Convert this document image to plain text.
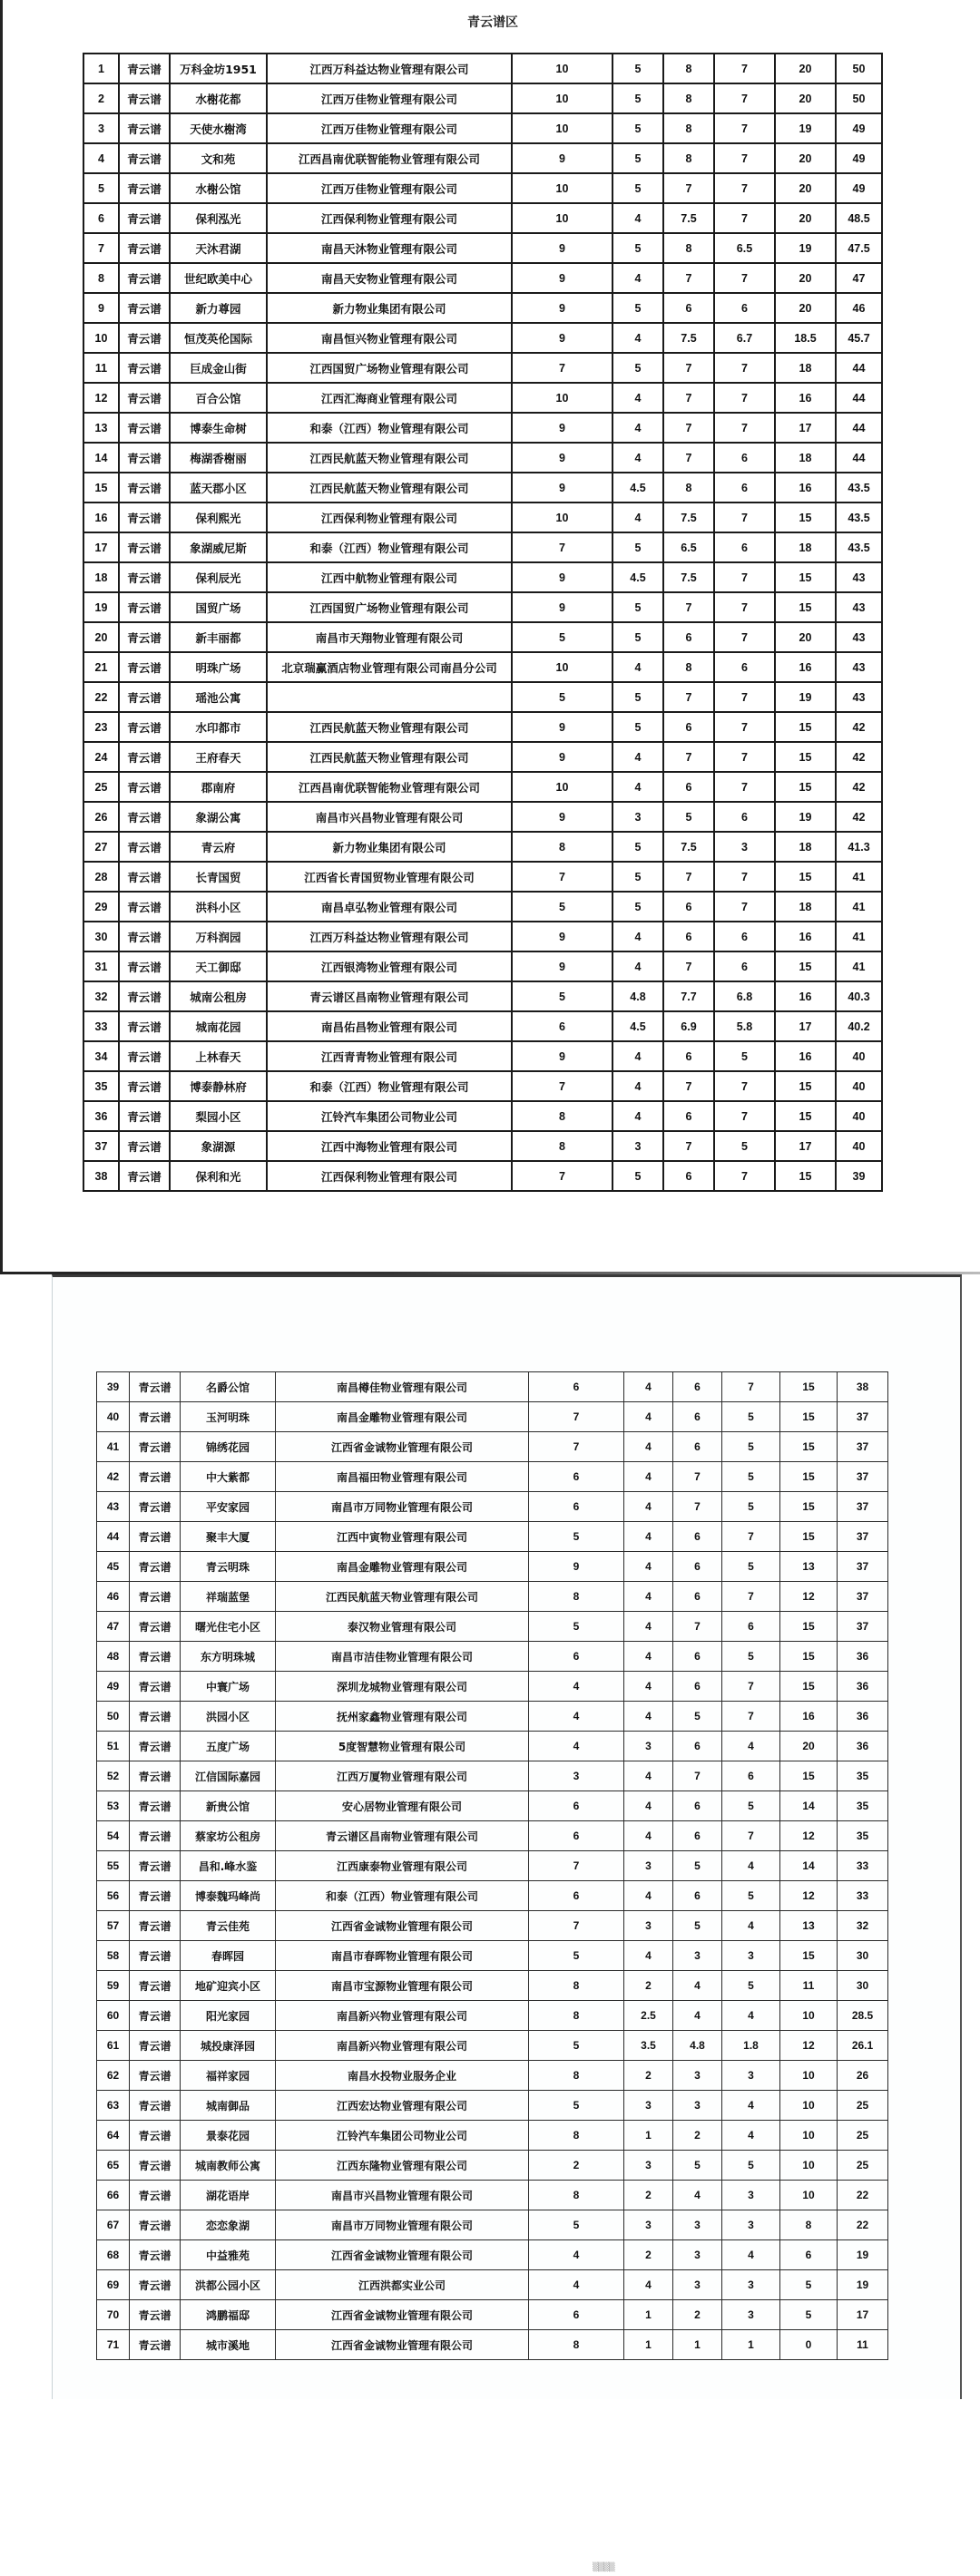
青云谱区
1	青云谱	万科金坊1951	江西万科益达物业管理有限公司	10	5	8	7	20	50
2	青云谱	水榭花都	江西万佳物业管理有限公司	10	5	8	7	20	50
3	青云谱	天使水榭湾	江西万佳物业管理有限公司	10	5	8	7	19	49
4	青云谱	文和苑	江西昌南优联智能物业管理有限公司	9	5	8	7	20	49
5	青云谱	水榭公馆	江西万佳物业管理有限公司	10	5	7	7	20	49
6	青云谱	保利泓光	江西保利物业管理有限公司	10	4	7.5	7	20	48.5
7	青云谱	天沐君湖	南昌天沐物业管理有限公司	9	5	8	6.5	19	47.5
8	青云谱	世纪欧美中心	南昌天安物业管理有限公司	9	4	7	7	20	47
9	青云谱	新力尊园	新力物业集团有限公司	9	5	6	6	20	46
10	青云谱	恒茂英伦国际	南昌恒兴物业管理有限公司	9	4	7.5	6.7	18.5	45.7
11	青云谱	巨成金山街	江西国贸广场物业管理有限公司	7	5	7	7	18	44
12	青云谱	百合公馆	江西汇海商业管理有限公司	10	4	7	7	16	44
13	青云谱	博泰生命树	和泰（江西）物业管理有限公司	9	4	7	7	17	44
14	青云谱	梅湖香榭丽	江西民航蓝天物业管理有限公司	9	4	7	6	18	44
15	青云谱	蓝天郡小区	江西民航蓝天物业管理有限公司	9	4.5	8	6	16	43.5
16	青云谱	保利熙光	江西保利物业管理有限公司	10	4	7.5	7	15	43.5
17	青云谱	象湖威尼斯	和泰（江西）物业管理有限公司	7	5	6.5	6	18	43.5
18	青云谱	保利辰光	江西中航物业管理有限公司	9	4.5	7.5	7	15	43
19	青云谱	国贸广场	江西国贸广场物业管理有限公司	9	5	7	7	15	43
20	青云谱	新丰丽都	南昌市天翔物业管理有限公司	5	5	6	7	20	43
21	青云谱	明珠广场	北京瑞赢酒店物业管理有限公司南昌分公司	10	4	8	6	16	43
22	青云谱	瑶池公寓		5	5	7	7	19	43
23	青云谱	水印都市	江西民航蓝天物业管理有限公司	9	5	6	7	15	42
24	青云谱	王府春天	江西民航蓝天物业管理有限公司	9	4	7	7	15	42
25	青云谱	郡南府	江西昌南优联智能物业管理有限公司	10	4	6	7	15	42
26	青云谱	象湖公寓	南昌市兴昌物业管理有限公司	9	3	5	6	19	42
27	青云谱	青云府	新力物业集团有限公司	8	5	7.5	3	18	41.3
28	青云谱	长青国贸	江西省长青国贸物业管理有限公司	7	5	7	7	15	41
29	青云谱	洪科小区	南昌卓弘物业管理有限公司	5	5	6	7	18	41
30	青云谱	万科润园	江西万科益达物业管理有限公司	9	4	6	6	16	41
31	青云谱	天工御邸	江西银湾物业管理有限公司	9	4	7	6	15	41
32	青云谱	城南公租房	青云谱区昌南物业管理有限公司	5	4.8	7.7	6.8	16	40.3
33	青云谱	城南花园	南昌佑昌物业管理有限公司	6	4.5	6.9	5.8	17	40.2
34	青云谱	上林春天	江西青青物业管理有限公司	9	4	6	5	16	40
35	青云谱	博泰静林府	和泰（江西）物业管理有限公司	7	4	7	7	15	40
36	青云谱	梨园小区	江铃汽车集团公司物业公司	8	4	6	7	15	40
37	青云谱	象湖源	江西中海物业管理有限公司	8	3	7	5	17	40
38	青云谱	保利和光	江西保利物业管理有限公司	7	5	6	7	15	39
▒▒▒▒
39	青云谱	名爵公馆	南昌樽佳物业管理有限公司	6	4	6	7	15	38
40	青云谱	玉河明珠	南昌金雕物业管理有限公司	7	4	6	5	15	37
41	青云谱	锦绣花园	江西省金诚物业管理有限公司	7	4	6	5	15	37
42	青云谱	中大紫都	南昌福田物业管理有限公司	6	4	7	5	15	37
43	青云谱	平安家园	南昌市万同物业管理有限公司	6	4	7	5	15	37
44	青云谱	聚丰大厦	江西中寅物业管理有限公司	5	4	6	7	15	37
45	青云谱	青云明珠	南昌金雕物业管理有限公司	9	4	6	5	13	37
46	青云谱	祥瑞蓝堡	江西民航蓝天物业管理有限公司	8	4	6	7	12	37
47	青云谱	曙光住宅小区	泰汉物业管理有限公司	5	4	7	6	15	37
48	青云谱	东方明珠城	南昌市洁佳物业管理有限公司	6	4	6	5	15	36
49	青云谱	中寰广场	深圳龙城物业管理有限公司	4	4	6	7	15	36
50	青云谱	洪园小区	抚州家鑫物业管理有限公司	4	4	5	7	16	36
51	青云谱	五度广场	5度智慧物业管理有限公司	4	3	6	4	20	36
52	青云谱	江信国际嘉园	江西万厦物业管理有限公司	3	4	7	6	15	35
53	青云谱	新贵公馆	安心居物业管理有限公司	6	4	6	5	14	35
54	青云谱	蔡家坊公租房	青云谱区昌南物业管理有限公司	6	4	6	7	12	35
55	青云谱	昌和.峰水鉴	江西康泰物业管理有限公司	7	3	5	4	14	33
56	青云谱	博泰魏玛峰尚	和泰（江西）物业管理有限公司	6	4	6	5	12	33
57	青云谱	青云佳苑	江西省金诚物业管理有限公司	7	3	5	4	13	32
58	青云谱	春晖园	南昌市春晖物业管理有限公司	5	4	3	3	15	30
59	青云谱	地矿迎宾小区	南昌市宝源物业管理有限公司	8	2	4	5	11	30
60	青云谱	阳光家园	南昌新兴物业管理有限公司	8	2.5	4	4	10	28.5
61	青云谱	城投康泽园	南昌新兴物业管理有限公司	5	3.5	4.8	1.8	12	26.1
62	青云谱	福祥家园	南昌水投物业服务企业	8	2	3	3	10	26
63	青云谱	城南御品	江西宏达物业管理有限公司	5	3	3	4	10	25
64	青云谱	景泰花园	江铃汽车集团公司物业公司	8	1	2	4	10	25
65	青云谱	城南教师公寓	江西东隆物业管理有限公司	2	3	5	5	10	25
66	青云谱	湖花语岸	南昌市兴昌物业管理有限公司	8	2	4	3	10	22
67	青云谱	恋恋象湖	南昌市万同物业管理有限公司	5	3	3	3	8	22
68	青云谱	中益雅苑	江西省金诚物业管理有限公司	4	2	3	4	6	19
69	青云谱	洪都公园小区	江西洪都实业公司	4	4	3	3	5	19
70	青云谱	鸿鹏福邸	江西省金诚物业管理有限公司	6	1	2	3	5	17
71	青云谱	城市溪地	江西省金诚物业管理有限公司	8	1	1	1	0	11
